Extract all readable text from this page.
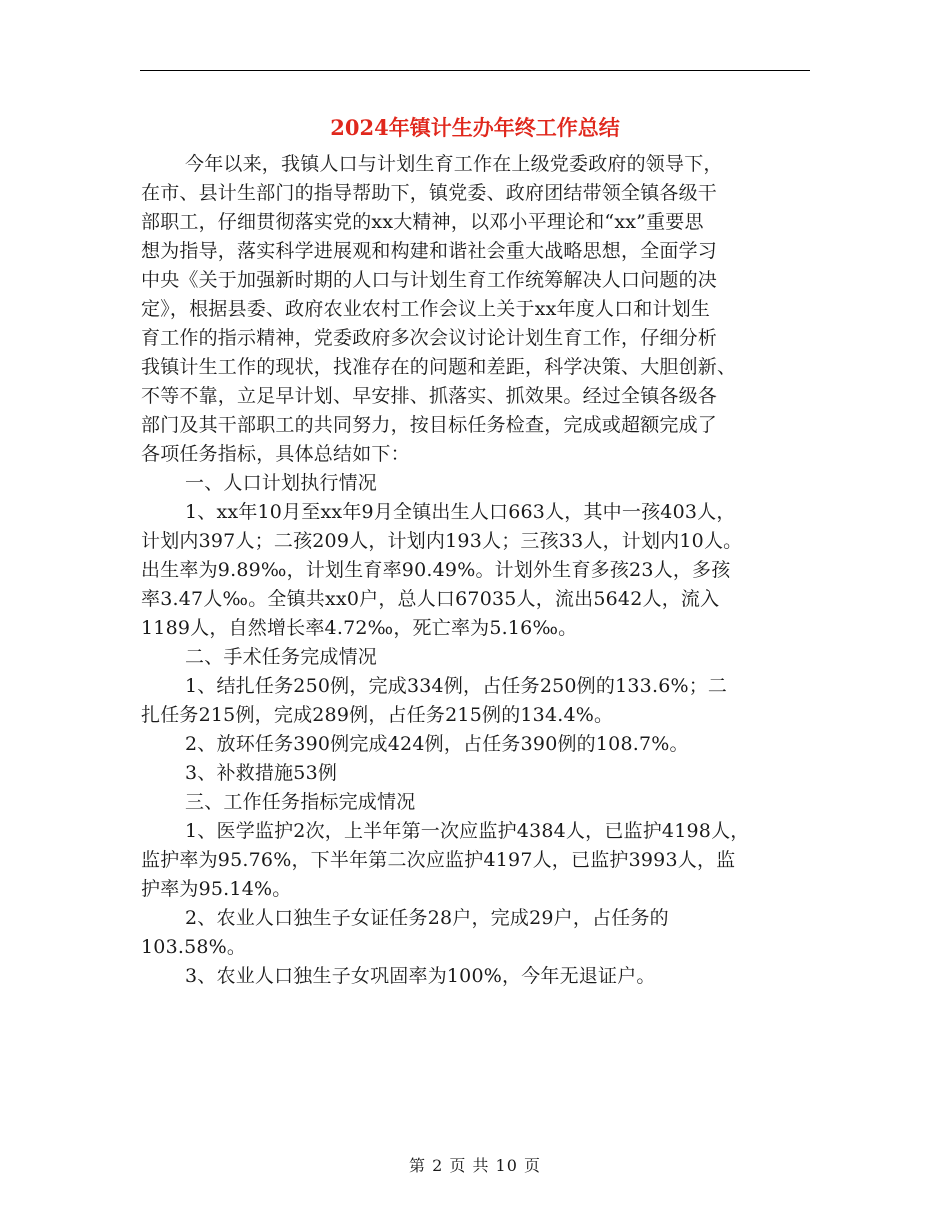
2024年镇计生办年终工作总结
今年以来，我镇人口与计划生育工作在上级党委政府的领导下，
在市、县计生部门的指导帮助下，镇党委、政府团结带领全镇各级干
部职工，仔细贯彻落实党的xx大精神，以邓小平理论和“xx”重要思
想为指导，落实科学进展观和构建和谐社会重大战略思想，全面学习
中央《关于加强新时期的人口与计划生育工作统筹解决人口问题的决
定》，根据县委、政府农业农村工作会议上关于xx年度人口和计划生
育工作的指示精神，党委政府多次会议讨论计划生育工作，仔细分析
我镇计生工作的现状，找准存在的问题和差距，科学决策、大胆创新、
不等不靠，立足早计划、早安排、抓落实、抓效果。经过全镇各级各
部门及其干部职工的共同努力，按目标任务检查，完成或超额完成了
各项任务指标，具体总结如下：
一、人口计划执行情况
1、xx年10月至xx年9月全镇出生人口663人，其中一孩403人，
计划内397人；二孩209人，计划内193人；三孩33人，计划内10人。
出生率为9.89‰，计划生育率90.49%。计划外生育多孩23人，多孩
率3.47人‰。全镇共xx0户，总人口67035人，流出5642人，流入
1189人，自然增长率4.72‰，死亡率为5.16‰。
二、手术任务完成情况
1、结扎任务250例，完成334例，占任务250例的133.6%；二
扎任务215例，完成289例，占任务215例的134.4%。
2、放环任务390例完成424例，占任务390例的108.7%。
3、补救措施53例
三、工作任务指标完成情况
1、医学监护2次，上半年第一次应监护4384人，已监护4198人，
监护率为95.76%，下半年第二次应监护4197人，已监护3993人，监
护率为95.14%。
2、农业人口独生子女证任务28户，完成29户，占任务的
103.58%。
3、农业人口独生子女巩固率为100%，今年无退证户。
第 2 页 共 10 页
